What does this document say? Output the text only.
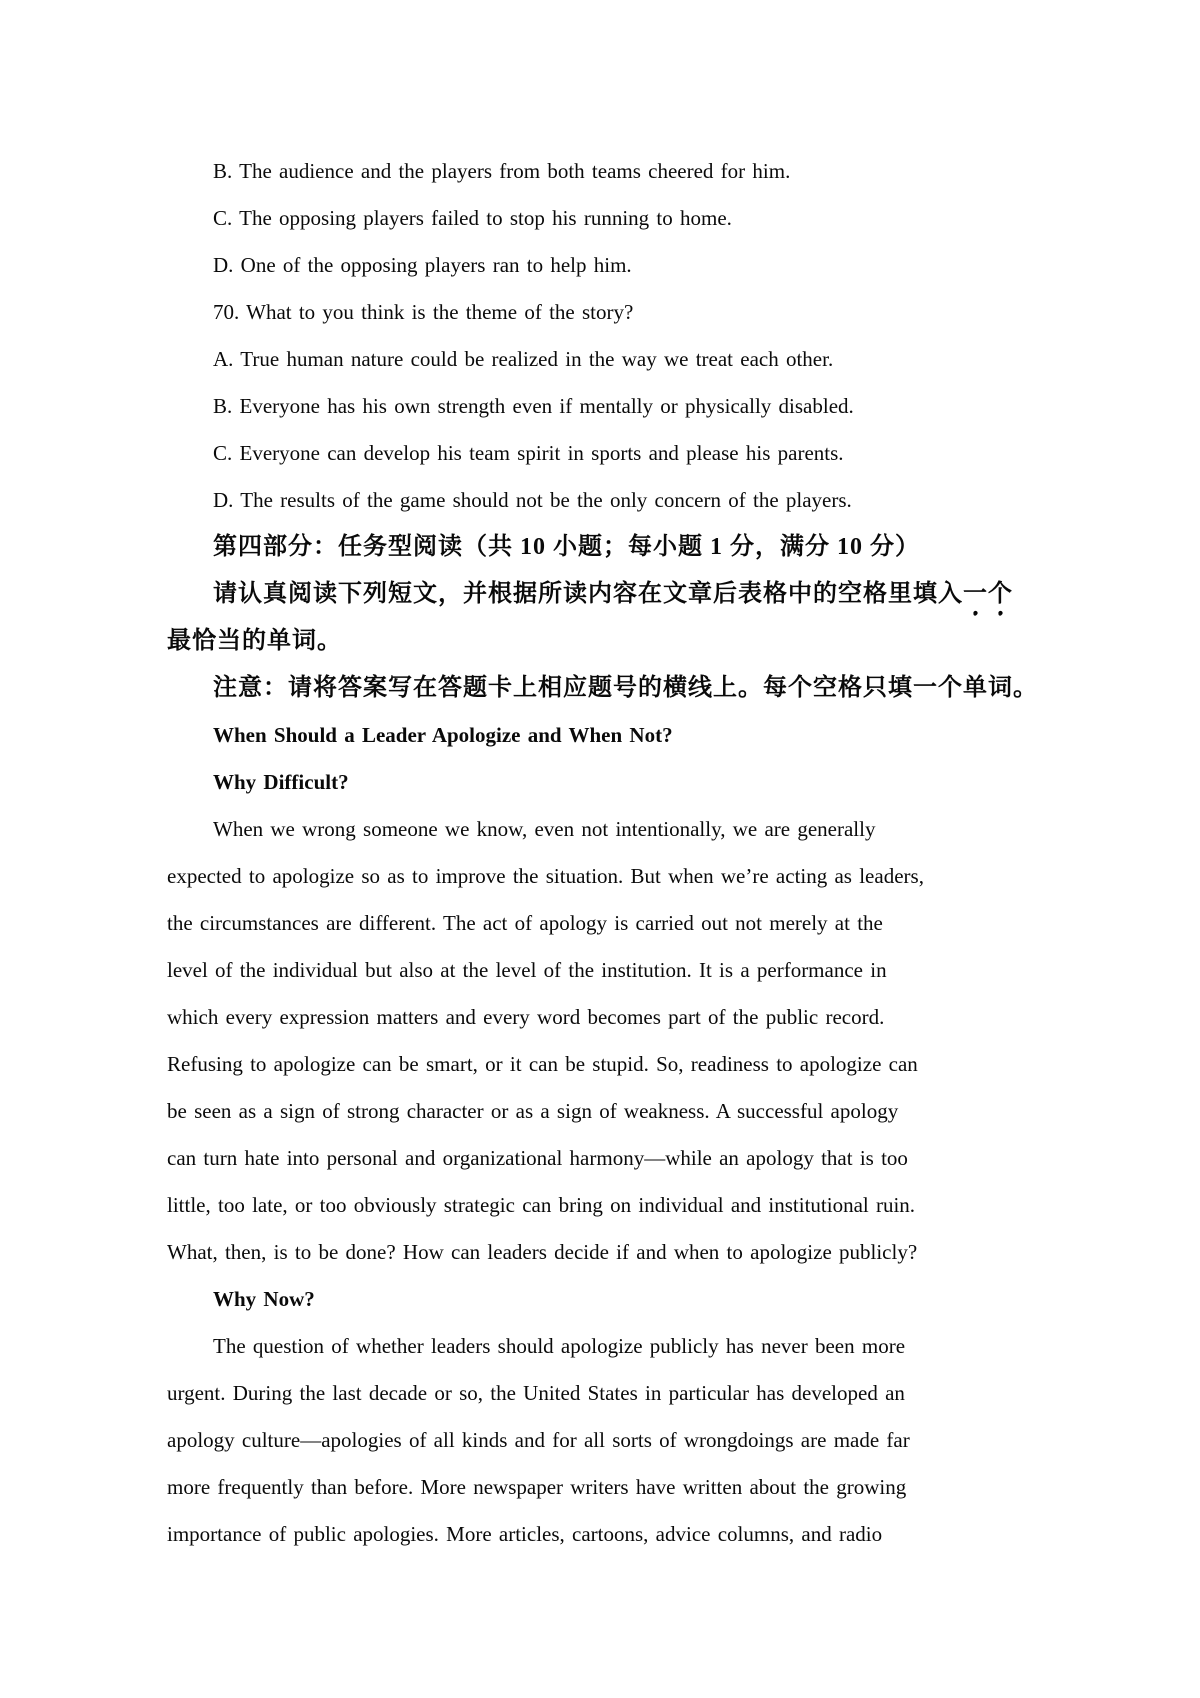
B. The audience and the players from both teams cheered for him.
C. The opposing players failed to stop his running to home.
D. One of the opposing players ran to help him.
70. What to you think is the theme of the story?
A. True human nature could be realized in the way we treat each other.
B. Everyone has his own strength even if mentally or physically disabled.
C. Everyone can develop his team spirit in sports and please his parents.
D. The results of the game should not be the only concern of the players.
第四部分：任务型阅读（共 10 小题；每小题 1 分，满分 10 分）
请认真阅读下列短文，并根据所读内容在文章后表格中的空格里填入一个
最恰当的单词。
注意：请将答案写在答题卡上相应题号的横线上。每个空格只填一个单词。
When Should a Leader Apologize and When Not?
Why Difficult?
When we wrong someone we know, even not intentionally, we are generally
expected to apologize so as to improve the situation. But when we’re acting as leaders,
the circumstances are different. The act of apology is carried out not merely at the
level of the individual but also at the level of the institution. It is a performance in
which every expression matters and every word becomes part of the public record.
Refusing to apologize can be smart, or it can be stupid. So, readiness to apologize can
be seen as a sign of strong character or as a sign of weakness. A successful apology
can turn hate into personal and organizational harmony—while an apology that is too
little, too late, or too obviously strategic can bring on individual and institutional ruin.
What, then, is to be done? How can leaders decide if and when to apologize publicly?
Why Now?
The question of whether leaders should apologize publicly has never been more
urgent. During the last decade or so, the United States in particular has developed an
apology culture—apologies of all kinds and for all sorts of wrongdoings are made far
more frequently than before. More newspaper writers have written about the growing
importance of public apologies. More articles, cartoons, advice columns, and radio
